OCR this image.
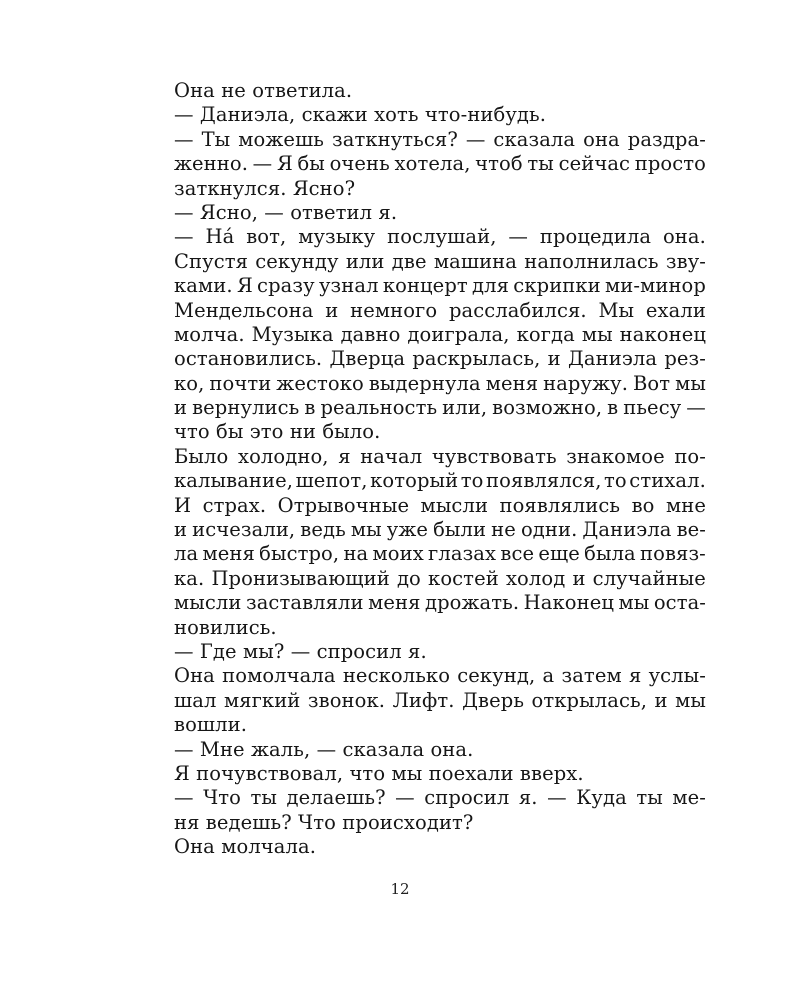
Она не ответила.
— Даниэла, скажи хоть что-нибудь.
— Ты можешь заткнуться? — сказала она раздра-
женно. — Я бы очень хотела, чтоб ты сейчас просто
заткнулся. Ясно?
— Ясно, — ответил я.
— На́ вот, музыку послушай, — процедила она.
Спустя секунду или две машина наполнилась зву-
ками. Я сразу узнал концерт для скрипки ми-минор
Мендельсона и немного расслабился. Мы ехали
молча. Музыка давно доиграла, когда мы наконец
остановились. Дверца раскрылась, и Даниэла рез-
ко, почти жестоко выдернула меня наружу. Вот мы
и вернулись в реальность или, возможно, в пьесу —
что бы это ни было.
Было холодно, я начал чувствовать знакомое по-
калывание, шепот, который то появлялся, то стихал.
И страх. Отрывочные мысли появлялись во мне
и исчезали, ведь мы уже были не одни. Даниэла ве-
ла меня быстро, на моих глазах все еще была повяз-
ка. Пронизывающий до костей холод и случайные
мысли заставляли меня дрожать. Наконец мы оста-
новились.
— Где мы? — спросил я.
Она помолчала несколько секунд, а затем я услы-
шал мягкий звонок. Лифт. Дверь открылась, и мы
вошли.
— Мне жаль, — сказала она.
Я почувствовал, что мы поехали вверх.
— Что ты делаешь? — спросил я. — Куда ты ме-
ня ведешь? Что происходит?
Она молчала.
12
